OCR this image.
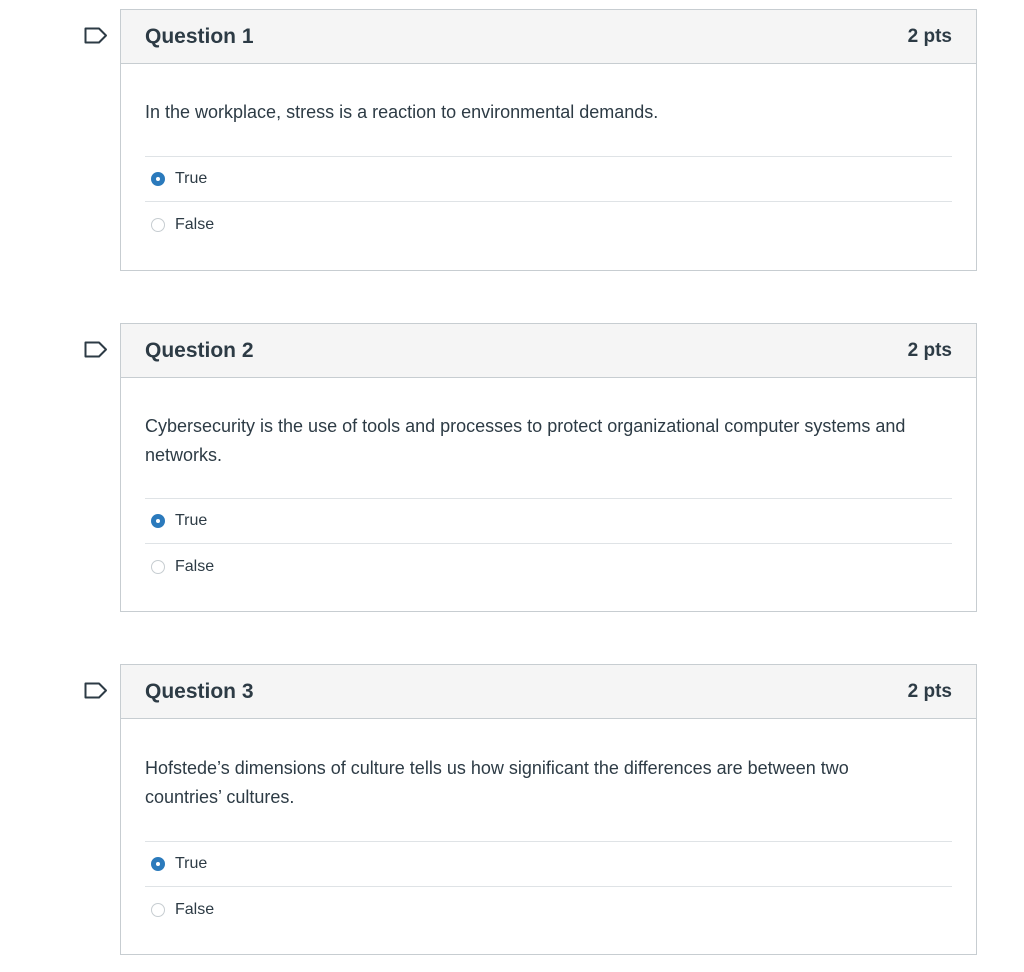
Question 1	2 pts
In the workplace, stress is a reaction to environmental demands.
True
False
Question 2	2 pts
Cybersecurity is the use of tools and processes to protect organizational computer systems and networks.
True
False
Question 3	2 pts
Hofstede’s dimensions of culture tells us how significant the differences are between two countries’ cultures.
True
False
